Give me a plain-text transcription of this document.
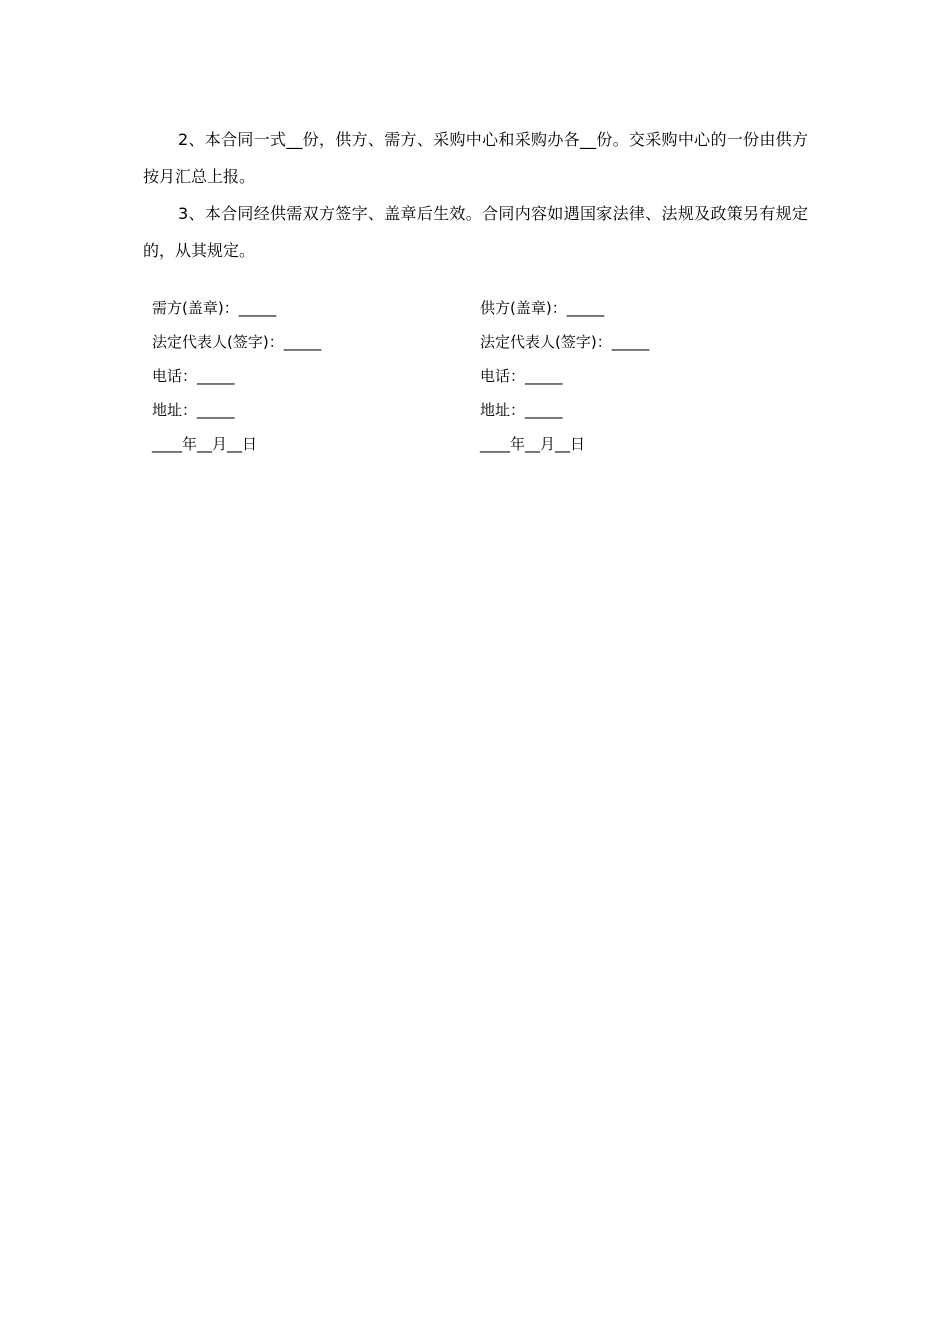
2、本合同一式__份，供方、需方、采购中心和采购办各__份。交采购中心的一份由供方按月汇总上报。

3、本合同经供需双方签字、盖章后生效。合同内容如遇国家法律、法规及政策另有规定的，从其规定。

需方(盖章)：_____
法定代表人(签字)：_____
电话：_____
地址：_____
____年__月__日
供方(盖章)：_____
法定代表人(签字)：_____
电话：_____
地址：_____
____年__月__日
